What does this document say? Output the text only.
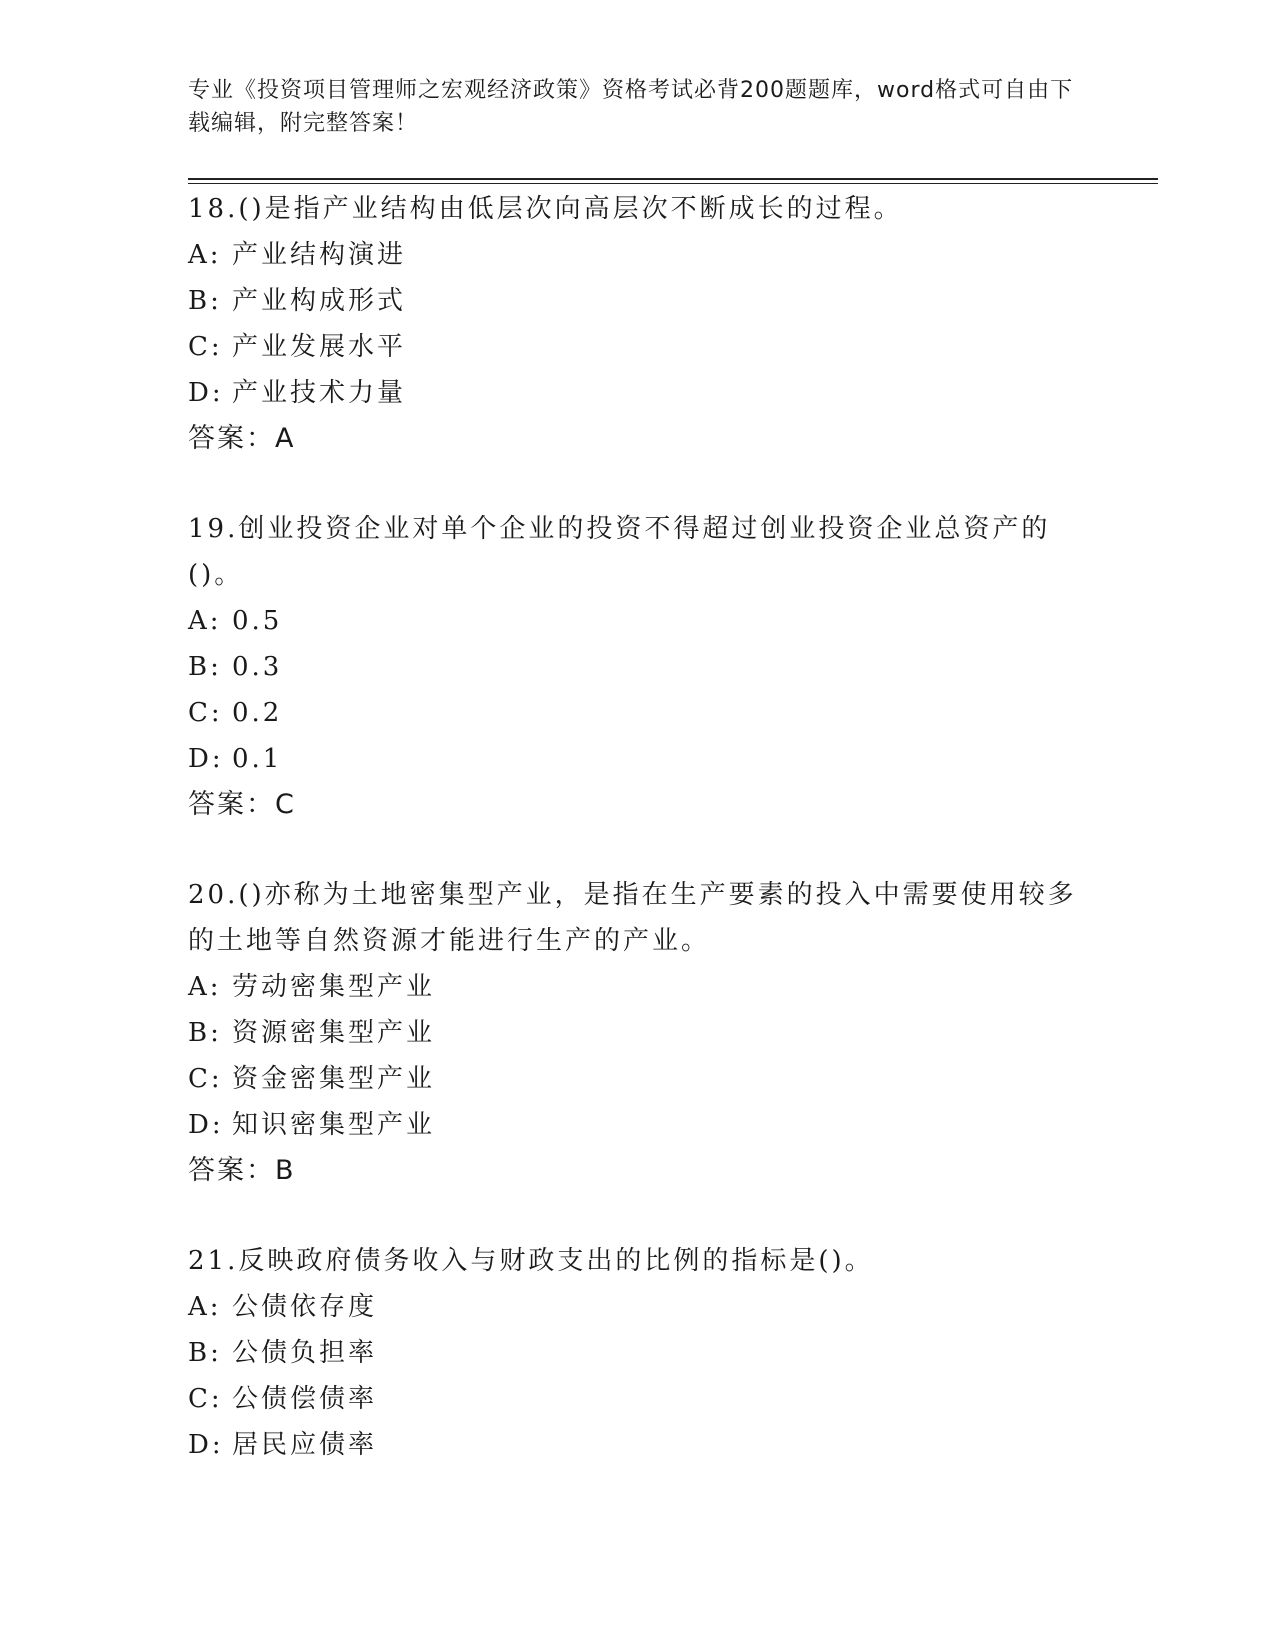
专业《投资项目管理师之宏观经济政策》资格考试必背200题题库，word格式可自由下载编辑，附完整答案！
18.()是指产业结构由低层次向高层次不断成长的过程。
A: 产业结构演进
B: 产业构成形式
C: 产业发展水平
D: 产业技术力量
答案：A
19.创业投资企业对单个企业的投资不得超过创业投资企业总资产的()。
A: 0.5
B: 0.3
C: 0.2
D: 0.1
答案：C
20.()亦称为土地密集型产业，是指在生产要素的投入中需要使用较多的土地等自然资源才能进行生产的产业。
A: 劳动密集型产业
B: 资源密集型产业
C: 资金密集型产业
D: 知识密集型产业
答案：B
21.反映政府债务收入与财政支出的比例的指标是()。
A: 公债依存度
B: 公债负担率
C: 公债偿债率
D: 居民应债率
